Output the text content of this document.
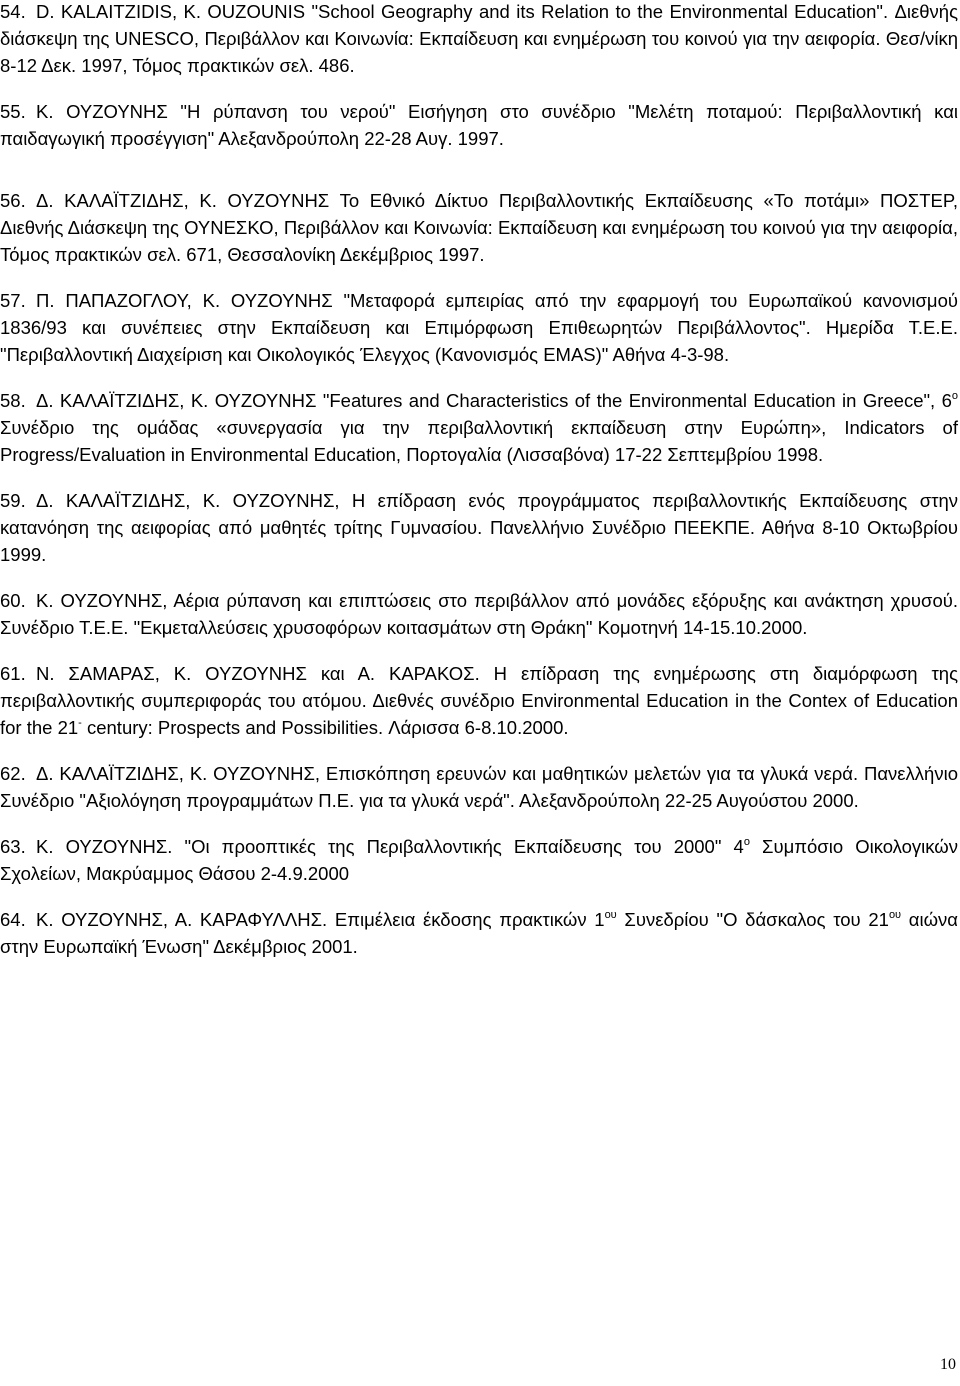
54. D. KALAITZIDIS, K. OUZOUNIS "School Geography and its Relation to the Environmental Education". Διεθνής διάσκεψη της UNESCO, Περιβάλλον και Κοινωνία: Εκπαίδευση και ενημέρωση του κοινού για την αειφορία. Θεσ/νίκη 8-12 Δεκ. 1997, Τόμος πρακτικών σελ. 486.

55. Κ. ΟΥΖΟΥΝΗΣ "Η ρύπανση του νερού" Εισήγηση στο συνέδριο "Μελέτη ποταμού: Περιβαλλοντική και παιδαγωγική προσέγγιση" Αλεξανδρούπολη 22-28 Αυγ. 1997.

56. Δ. ΚΑΛΑΪΤΖΙΔΗΣ, Κ. ΟΥΖΟΥΝΗΣ Το Εθνικό Δίκτυο Περιβαλλοντικής Εκπαίδευσης «Το ποτάμι» ΠΟΣΤΕΡ, Διεθνής Διάσκεψη της ΟΥΝΕΣΚΟ, Περιβάλλον και Κοινωνία: Εκπαίδευση και ενημέρωση του κοινού για την αειφορία, Τόμος πρακτικών σελ. 671, Θεσσαλονίκη Δεκέμβριος 1997.

57. Π. ΠΑΠΑΖΟΓΛΟΥ, Κ. ΟΥΖΟΥΝΗΣ "Μεταφορά εμπειρίας από την εφαρμογή του Ευρωπαϊκού κανονισμού 1836/93 και συνέπειες στην Εκπαίδευση και Επιμόρφωση Επιθεωρητών Περιβάλλοντος". Ημερίδα Τ.Ε.Ε. "Περιβαλλοντική Διαχείριση και Οικολογικός Έλεγχος (Κανονισμός EMAS)" Αθήνα 4-3-98.

58. Δ. ΚΑΛΑΪΤΖΙΔΗΣ, Κ. ΟΥΖΟΥΝΗΣ "Features and Characteristics of the Environmental Education in Greece", $6^o$ Συνέδριο της ομάδας «συνεργασία για την περιβαλλοντική εκπαίδευση στην Ευρώπη», Indicators of Progress/Evaluation in Environmental Education, Πορτογαλία (Λισσαβόνα) 17-22 Σεπτεμβρίου 1998.

59. Δ. ΚΑΛΑΪΤΖΙΔΗΣ, Κ. ΟΥΖΟΥΝΗΣ, Η επίδραση ενός προγράμματος περιβαλλοντικής Εκπαίδευσης στην κατανόηση της αειφορίας από μαθητές τρίτης Γυμνασίου. Πανελλήνιο Συνέδριο ΠΕΕΚΠΕ. Αθήνα 8-10 Οκτωβρίου 1999.

60. Κ. ΟΥΖΟΥΝΗΣ, Αέρια ρύπανση και επιπτώσεις στο περιβάλλον από μονάδες εξόρυξης και ανάκτηση χρυσού. Συνέδριο Τ.Ε.Ε. "Εκμεταλλεύσεις χρυσοφόρων κοιτασμάτων στη Θράκη" Κομοτηνή 14-15.10.2000.

61. Ν. ΣΑΜΑΡΑΣ, Κ. ΟΥΖΟΥΝΗΣ και Α. ΚΑΡΑΚΟΣ. Η επίδραση της ενημέρωσης στη διαμόρφωση της περιβαλλοντικής συμπεριφοράς του ατόμου. Διεθνές συνέδριο Environmental Education in the Contex of Education for the 21- century: Prospects and Possibilities. Λάρισσα 6-8.10.2000.

62. Δ. ΚΑΛΑΪΤΖΙΔΗΣ, Κ. ΟΥΖΟΥΝΗΣ, Επισκόπηση ερευνών και μαθητικών μελετών για τα γλυκά νερά. Πανελλήνιο Συνέδριο "Αξιολόγηση προγραμμάτων Π.Ε. για τα γλυκά νερά". Αλεξανδρούπολη 22-25 Αυγούστου 2000.

63. Κ. ΟΥΖΟΥΝΗΣ. "Οι προοπτικές της Περιβαλλοντικής Εκπαίδευσης του 2000" $4^o$ Συμπόσιο Οικολογικών Σχολείων, Μακρύαμμος Θάσου 2-4.9.2000

64. Κ. ΟΥΖΟΥΝΗΣ, Α. ΚΑΡΑΦΥΛΛΗΣ. Επιμέλεια έκδοσης πρακτικών $1^{o\upsilon}$ Συνεδρίου "Ο δάσκαλος του $21^{o\upsilon}$ αιώνα στην Ευρωπαϊκή Ένωση" Δεκέμβριος 2001.

10
